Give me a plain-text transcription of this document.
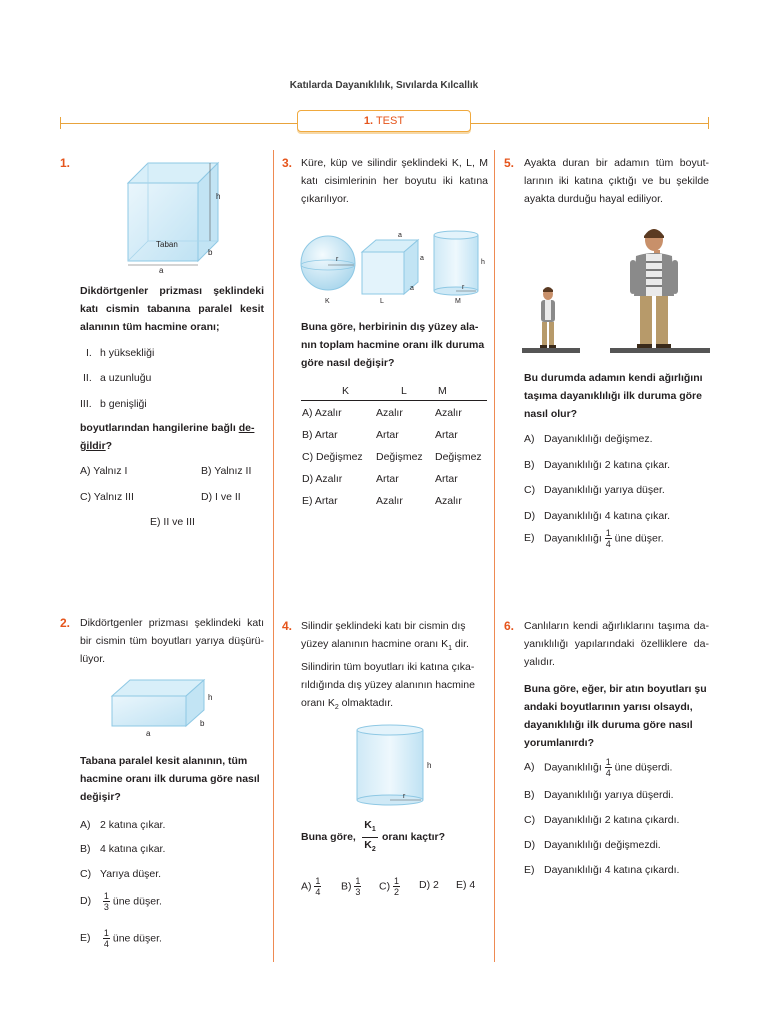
Katılarda Dayanıklılık, Sıvılarda Kılcallık
1. TEST
1.
h
Taban
a
b
Dikdörtgenler prizması şeklindeki katı cismin tabanına paralel kesit alanının tüm hacmine oranı;
I. h yüksekliği
II. a uzunluğu
III. b genişliği
boyutlarından hangilerine bağlı de-
ğildir?
A) Yalnız I	B) Yalnız II
C) Yalnız III	D) I ve II
E) II ve III
2. Dikdörtgenler prizması şeklindeki katı bir cismin tüm boyutları yarıya düşürü- lüyor.
h
a
b
Tabana paralel kesit alanının, tüm hacmine oranı ilk duruma göre nasıl değişir?
A) 2 katına çıkar.
B) 4 katına çıkar.
C) Yarıya düşer.
$D) \frac{1}{3}$ üne düşer.
$E) \frac{1}{4}$ üne düşer.
3. Küre, küp ve silindir şeklindeki K, L, M katı cisimlerinin her boyutu iki katına çıkarılıyor.
r
K
a
a
a
L
r
h
M
Buna göre, herbirinin dış yüzey ala- nın toplam hacmine oranı ilk duruma göre nasıl değişir?
K	L	M
A) Azalır	Azalır	Azalır
B) Artar	Artar	Artar
C) Değişmez Değişmez Değişmez
D) Azalır	Artar	Artar
E) Artar	Azalır	Azalır
4. Silindir şeklindeki katı bir cismin dış
yüzey alanının hacmine oranı $K_1$ dir.
Silindirin tüm boyutları iki katına çıka-
rıldığında dış yüzey alanının hacmine
oranı $K_2$ olmaktadır.
r
h
Buna göre,
$K_1$
$K_2$
oranı kaçtır?
$A) \frac{1}{4} B) \frac{1}{3} C) \frac{1}{2} D$) 2 E) 4
5. Ayakta duran bir adamın tüm boyut- larının iki katına çıktığı ve bu şekilde ayakta durduğu hayal ediliyor.
Bu durumda adamın kendi ağırlığını taşıma dayanıklılığı ilk duruma göre nasıl olur?
A) Dayanıklılığı değişmez.
B) Dayanıklılığı 2 katına çıkar.
C) Dayanıklılığı yarıya düşer.
D) Dayanıklılığı 4 katına çıkar.
E) Dayanıklılığı $\frac{1}{4}$ üne düşer.
6. Canlıların kendi ağırlıklarını taşıma da- yanıklılığı yapılarındaki özelliklere da- yalıdır.
Buna göre, eğer, bir atın boyutları şu andaki boyutlarının yarısı olsaydı, dayanıklılığı ilk duruma göre nasıl yorumlanırdı?
A) Dayanıklılığı $\frac{1}{4}$ üne düşerdi.
B) Dayanıklılığı yarıya düşerdi.
C) Dayanıklılığı 2 katına çıkardı.
D) Dayanıklılığı değişmezdi.
E) Dayanıklılığı 4 katına çıkardı.
